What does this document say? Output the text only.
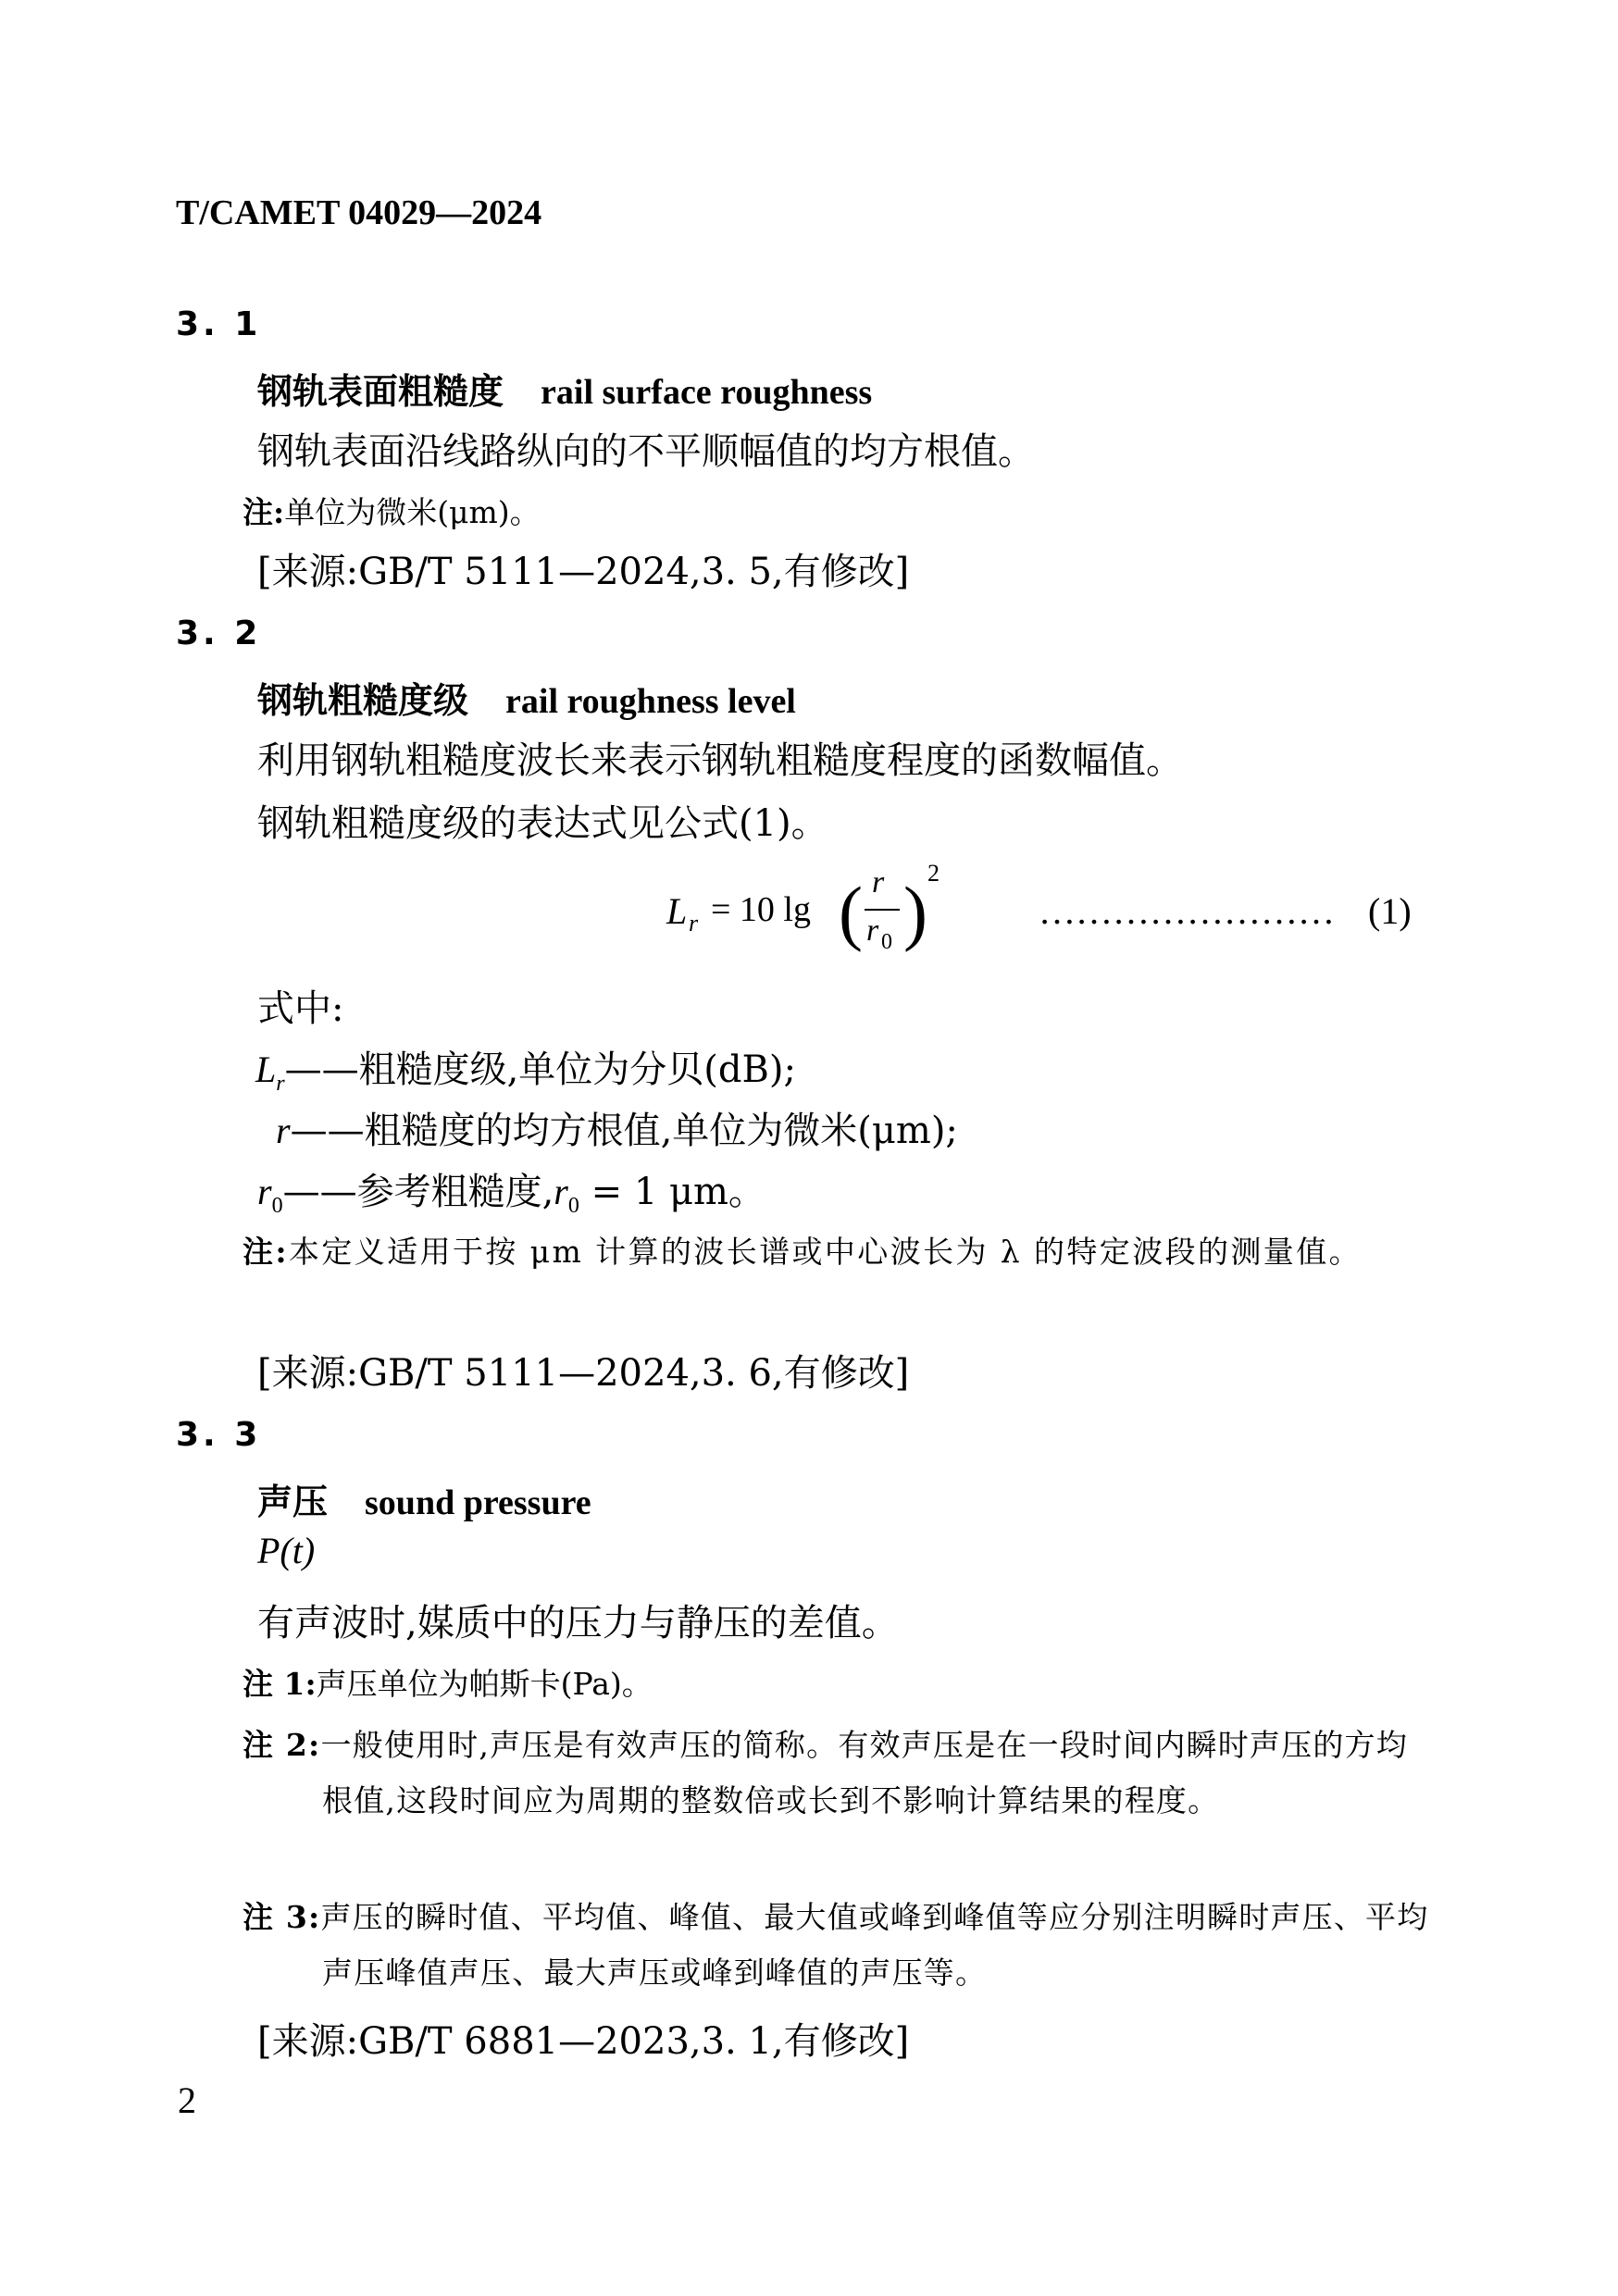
T/CAMET 04029—2024
3. 1
钢轨表面粗糙度 rail surface roughness
钢轨表面沿线路纵向的不平顺幅值的均方根值。
注:单位为微米(μm)。
[来源:GB/T 5111—2024,3. 5,有修改]
3. 2
钢轨粗糙度级 rail roughness level
利用钢轨粗糙度波长来表示钢轨粗糙度程度的函数幅值。
钢轨粗糙度级的表达式见公式(1)。
L r = 10 lg ( r
r 0 ) 2
…………………… (1)
式中:
$L_r——$粗糙度级,单位为分贝(dB);
r——粗糙度的均方根值,单位为微米(μm);
$r_0——$参考粗糙度$,r_0 = 1$ μm。
注:本定义适用于按 μm 计算的波长谱或中心波长为 λ 的特定波段的测量值。
[来源:GB/T 5111—2024,3. 6,有修改]
3. 3
声压 sound pressure
P(t)
有声波时,媒质中的压力与静压的差值。
注 1:声压单位为帕斯卡(Pa)。
注 2:一般使用时,声压是有效声压的简称。有效声压是在一段时间内瞬时声压的方均根值,这段时间应为周期的整数倍或长到不影响计算结果的程度。
注 3:声压的瞬时值、平均值、峰值、最大值或峰到峰值等应分别注明瞬时声压、平均声压峰值声压、最大声压或峰到峰值的声压等。
[来源:GB/T 6881—2023,3. 1,有修改]
2
